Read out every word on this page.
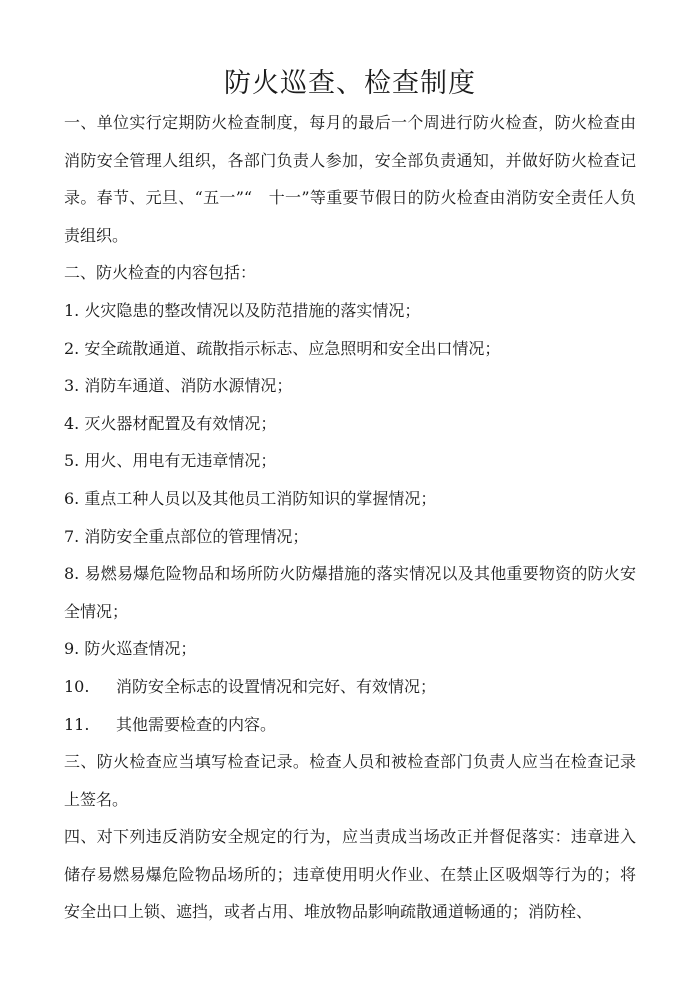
防火巡查、检查制度

一、单位实行定期防火检查制度，每月的最后一个周进行防火检查，防火检查由消防安全管理人组织，各部门负责人参加，安全部负责通知，并做好防火检查记录。春节、元旦、“五一”“　十一”等重要节假日的防火检查由消防安全责任人负责组织。

二、防火检查的内容包括：

1. 火灾隐患的整改情况以及防范措施的落实情况；

2. 安全疏散通道、疏散指示标志、应急照明和安全出口情况；

3. 消防车通道、消防水源情况；

4. 灭火器材配置及有效情况；

5. 用火、用电有无违章情况；

6. 重点工种人员以及其他员工消防知识的掌握情况；

7. 消防安全重点部位的管理情况；

8. 易燃易爆危险物品和场所防火防爆措施的落实情况以及其他重要物资的防火安全情况；

9. 防火巡查情况；

10.	消防安全标志的设置情况和完好、有效情况；

11.	其他需要检查的内容。

三、防火检查应当填写检查记录。检查人员和被检查部门负责人应当在检查记录上签名。

四、对下列违反消防安全规定的行为，应当责成当场改正并督促落实：违章进入储存易燃易爆危险物品场所的；违章使用明火作业、在禁止区吸烟等行为的；将安全出口上锁、遮挡，或者占用、堆放物品影响疏散通道畅通的；消防栓、
